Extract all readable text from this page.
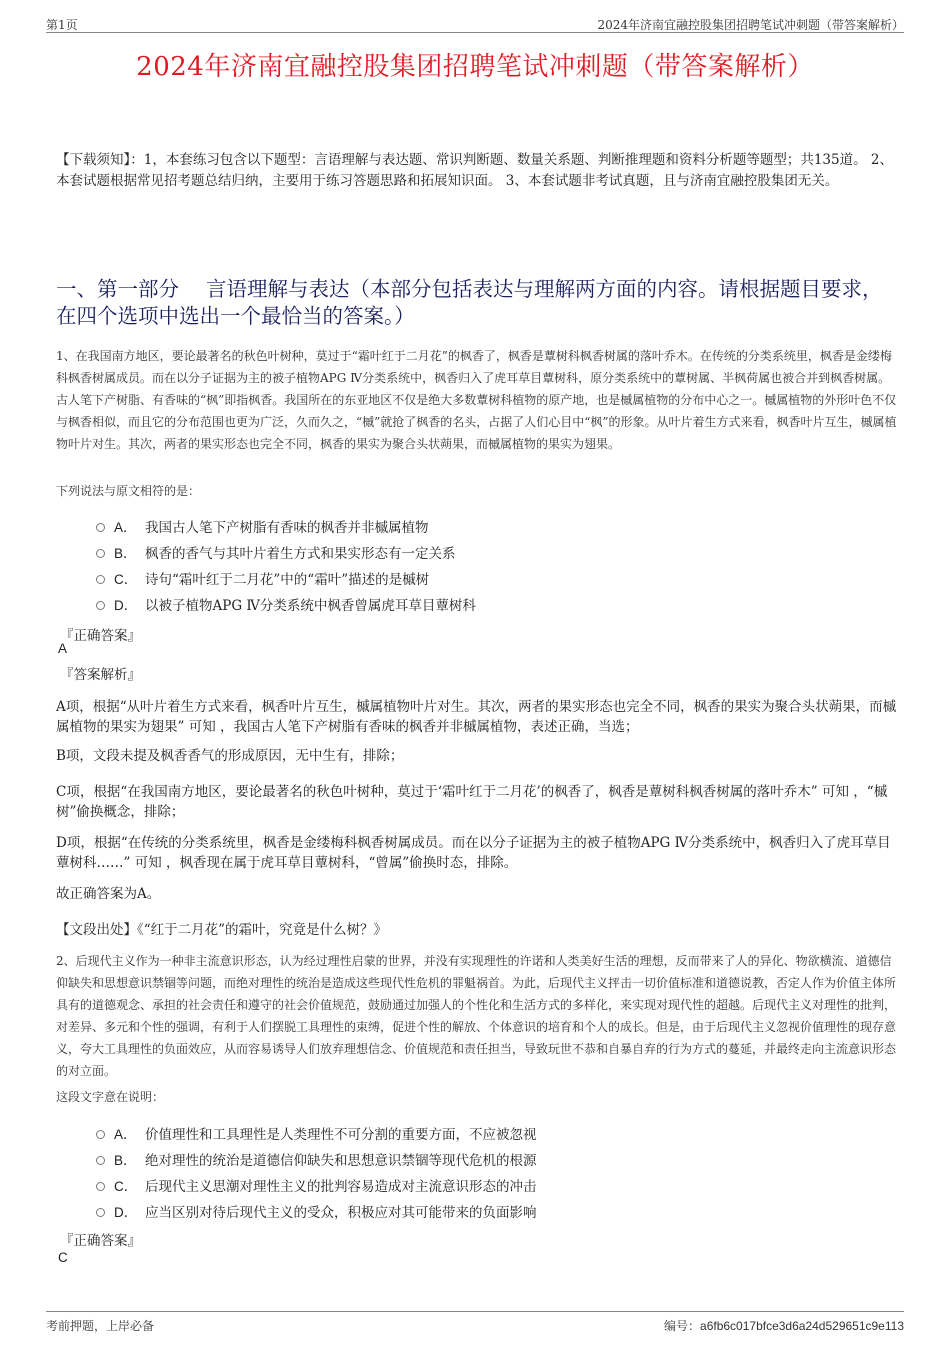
第1页	2024年济南宜融控股集团招聘笔试冲刺题（带答案解析）
2024年济南宜融控股集团招聘笔试冲刺题（带答案解析）
【下载须知】：1，本套练习包含以下题型：言语理解与表达题、常识判断题、数量关系题、判断推理题和资料分析题等题型；共135道。 2、本套试题根据常见招考题总结归纳，主要用于练习答题思路和拓展知识面。 3、本套试题非考试真题，且与济南宜融控股集团无关。
一、第一部分　 言语理解与表达（本部分包括表达与理解两方面的内容。请根据题目要求，在四个选项中选出一个最恰当的答案。）
1、在我国南方地区，要论最著名的秋色叶树种，莫过于“霜叶红于二月花”的枫香了，枫香是蕈树科枫香树属的落叶乔木。在传统的分类系统里，枫香是金缕梅科枫香树属成员。而在以分子证据为主的被子植物APG Ⅳ分类系统中，枫香归入了虎耳草目蕈树科，原分类系统中的蕈树属、半枫荷属也被合并到枫香树属。古人笔下产树脂、有香味的“枫”即指枫香。我国所在的东亚地区不仅是绝大多数蕈树科植物的原产地，也是槭属植物的分布中心之一。槭属植物的外形叶色不仅与枫香相似，而且它的分布范围也更为广泛，久而久之，“槭”就抢了枫香的名头，占据了人们心目中“枫”的形象。从叶片着生方式来看，枫香叶片互生，槭属植物叶片对生。其次，两者的果实形态也完全不同，枫香的果实为聚合头状蒴果，而槭属植物的果实为翅果。
下列说法与原文相符的是：
A． 我国古人笔下产树脂有香味的枫香并非槭属植物
B． 枫香的香气与其叶片着生方式和果实形态有一定关系
C． 诗句“霜叶红于二月花”中的“霜叶”描述的是槭树
D． 以被子植物APG Ⅳ分类系统中枫香曾属虎耳草目蕈树科
『正确答案』
A
『答案解析』
A项，根据“从叶片着生方式来看，枫香叶片互生，槭属植物叶片对生。其次，两者的果实形态也完全不同，枫香的果实为聚合头状蒴果，而槭属植物的果实为翅果” 可知 ，我国古人笔下产树脂有香味的枫香并非槭属植物，表述正确，当选；
B项，文段未提及枫香香气的形成原因，无中生有，排除；
C项，根据“在我国南方地区，要论最著名的秋色叶树种，莫过于‘霜叶红于二月花’的枫香了，枫香是蕈树科枫香树属的落叶乔木” 可知 ，“槭树”偷换概念，排除；
D项，根据“在传统的分类系统里，枫香是金缕梅科枫香树属成员。而在以分子证据为主的被子植物APG Ⅳ分类系统中，枫香归入了虎耳草目蕈树科……” 可知 ，枫香现在属于虎耳草目蕈树科，“曾属”偷换时态，排除。
故正确答案为A。
【文段出处】《“红于二月花”的霜叶，究竟是什么树？》
2、后现代主义作为一种非主流意识形态，认为经过理性启蒙的世界，并没有实现理性的许诺和人类美好生活的理想，反而带来了人的异化、物欲横流、道德信仰缺失和思想意识禁锢等问题，而绝对理性的统治是造成这些现代性危机的罪魁祸首。为此，后现代主义抨击一切价值标准和道德说教，否定人作为价值主体所具有的道德观念、承担的社会责任和遵守的社会价值规范，鼓励通过加强人的个性化和生活方式的多样化，来实现对现代性的超越。后现代主义对理性的批判，对差异、多元和个性的强调，有利于人们摆脱工具理性的束缚，促进个性的解放、个体意识的培育和个人的成长。但是，由于后现代主义忽视价值理性的现存意义，夸大工具理性的负面效应，从而容易诱导人们放弃理想信念、价值规范和责任担当，导致玩世不恭和自暴自弃的行为方式的蔓延，并最终走向主流意识形态的对立面。
这段文字意在说明：
A． 价值理性和工具理性是人类理性不可分割的重要方面，不应被忽视
B． 绝对理性的统治是道德信仰缺失和思想意识禁锢等现代危机的根源
C． 后现代主义思潮对理性主义的批判容易造成对主流意识形态的冲击
D． 应当区别对待后现代主义的受众，积极应对其可能带来的负面影响
『正确答案』
C
考前押题，上岸必备	编号：a6fb6c017bfce3d6a24d529651c9e113
